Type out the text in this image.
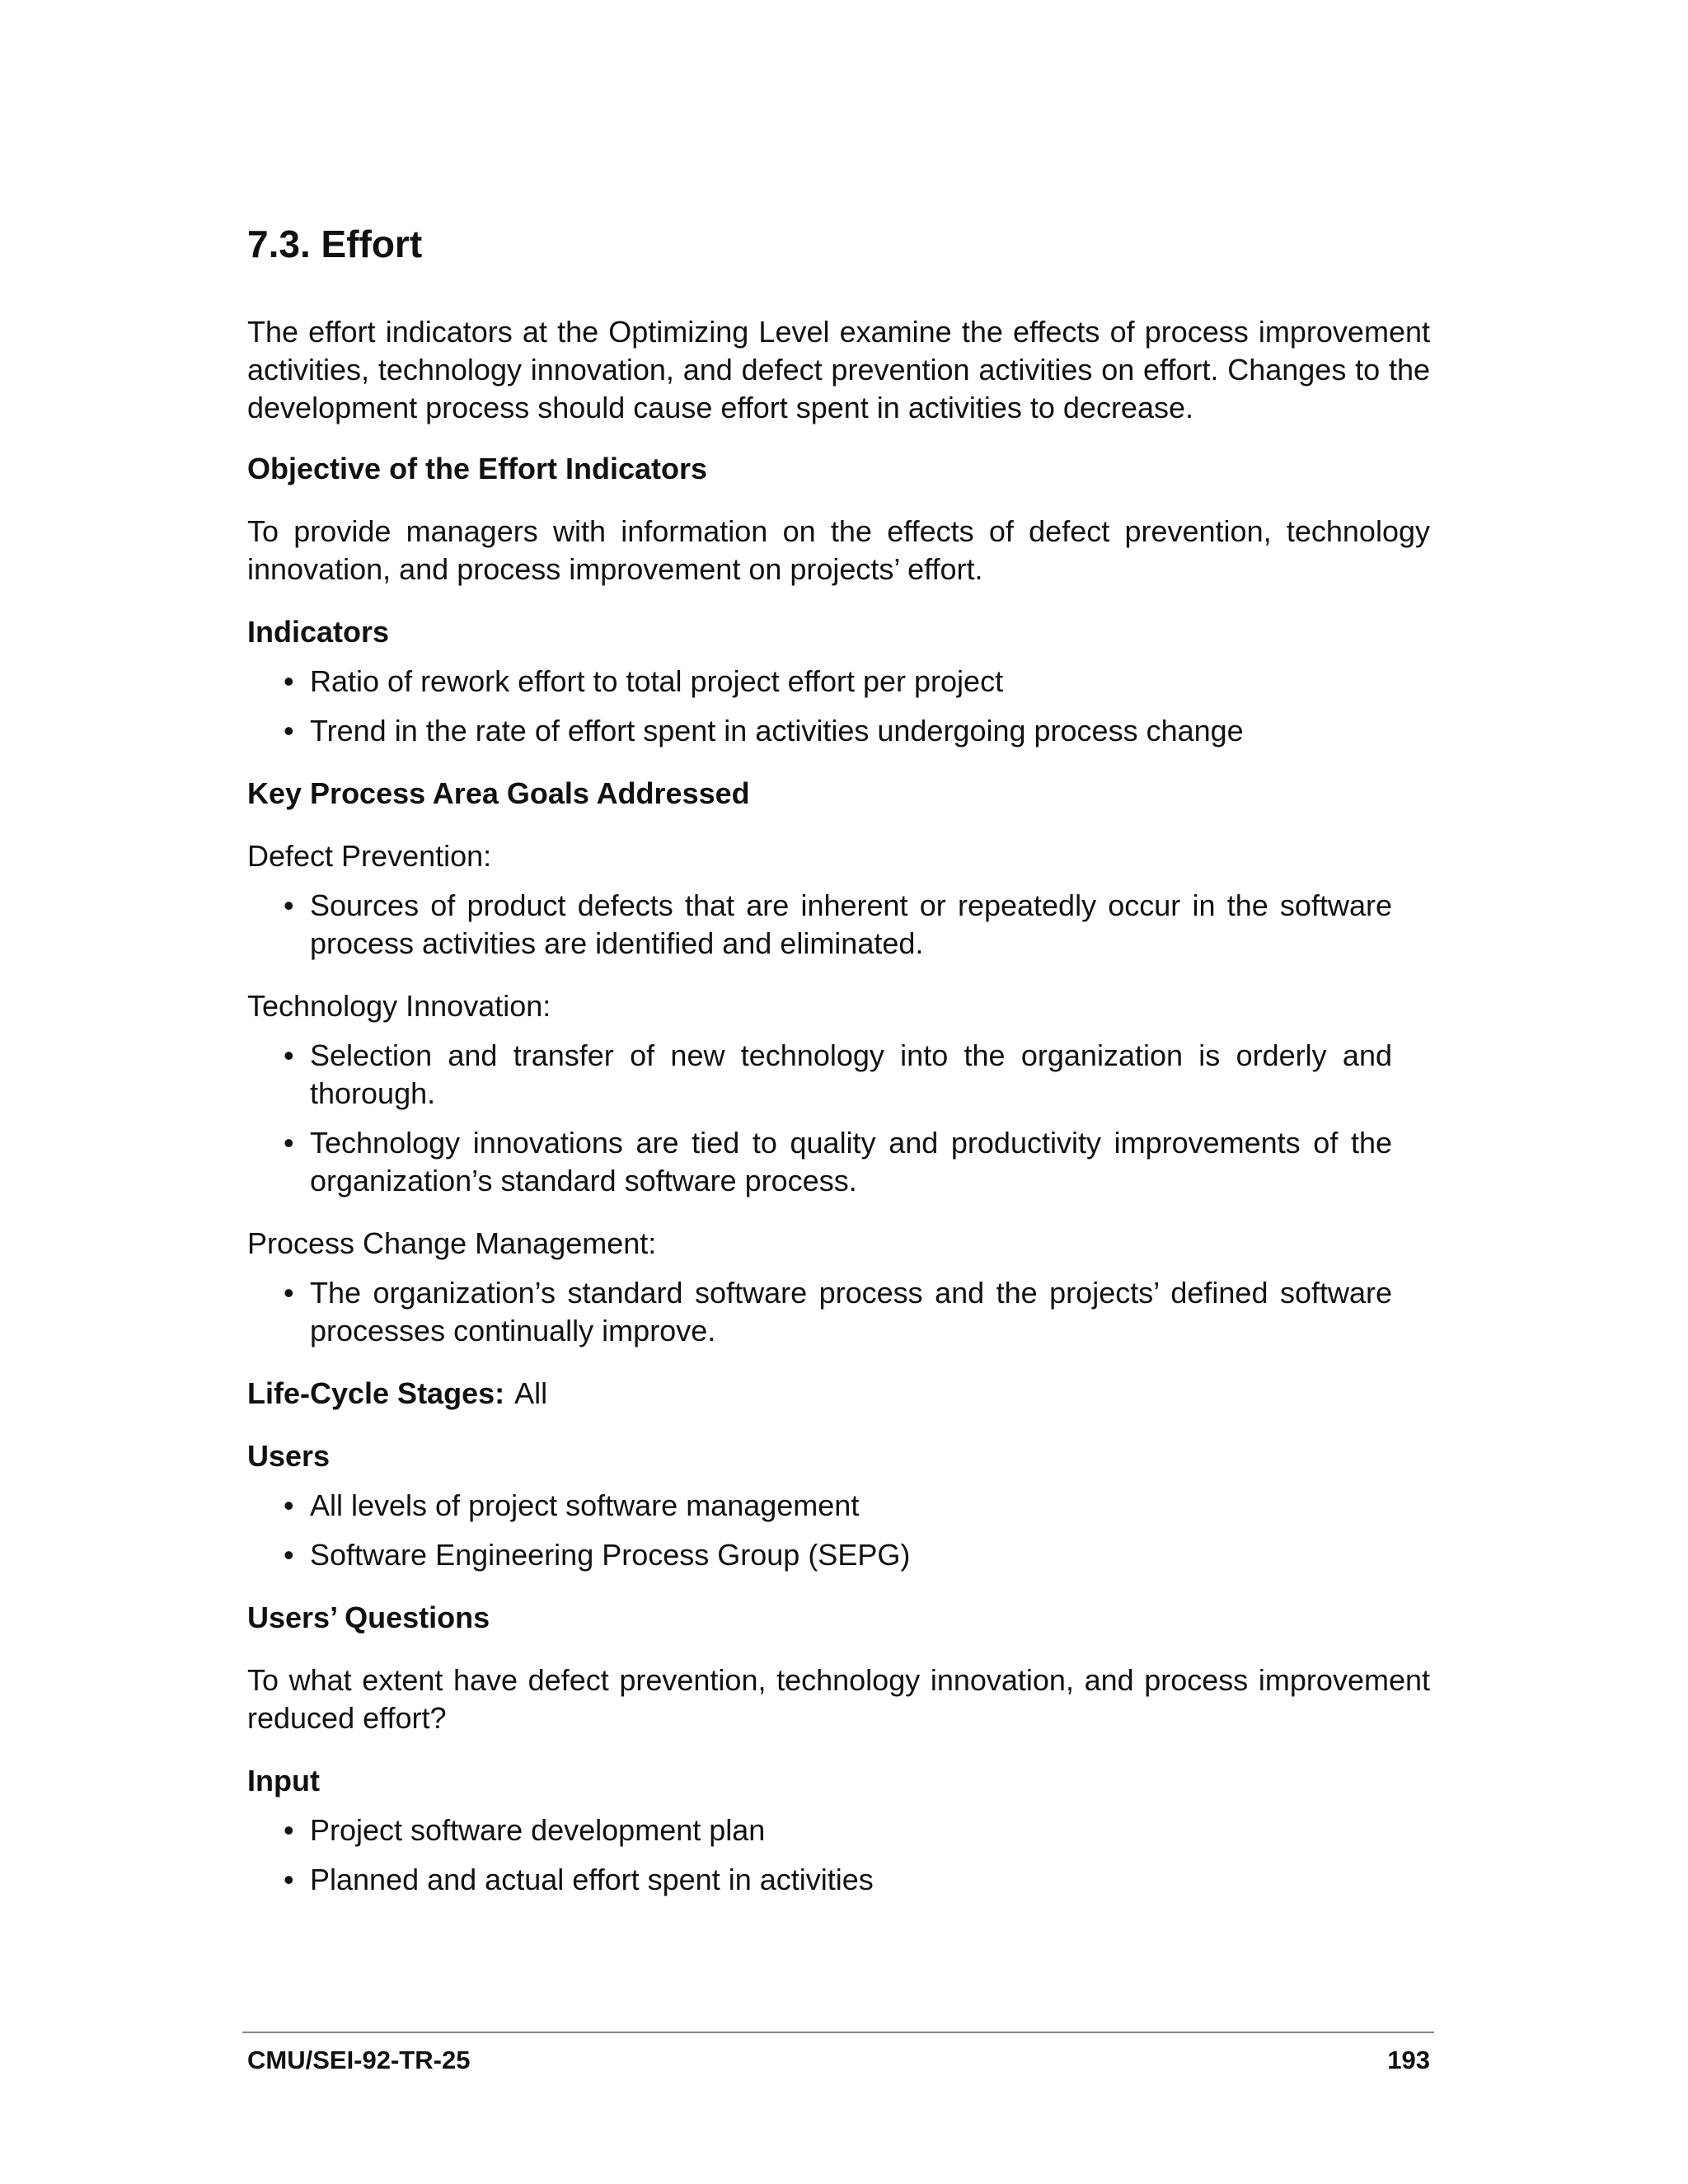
7.3. Effort

The effort indicators at the Optimizing Level examine the effects of process improvement activities, technology innovation, and defect prevention activities on effort. Changes to the development process should cause effort spent in activities to decrease.

Objective of the Effort Indicators

To provide managers with information on the effects of defect prevention, technology innovation, and process improvement on projects’ effort.

Indicators
• Ratio of rework effort to total project effort per project
• Trend in the rate of effort spent in activities undergoing process change
Key Process Area Goals Addressed

Defect Prevention:

• Sources of product defects that are inherent or repeatedly occur in the software process activities are identified and eliminated.

Technology Innovation:

• Selection and transfer of new technology into the organization is orderly and thorough.
• Technology innovations are tied to quality and productivity improvements of the organization’s standard software process.

Process Change Management:

• The organization’s standard software process and the projects’ defined software processes continually improve.
Life-Cycle Stages: All
Users
• All levels of project software management
• Software Engineering Process Group (SEPG)
Users’ Questions

To what extent have defect prevention, technology innovation, and process improvement reduced effort?

Input
• Project software development plan
• Planned and actual effort spent in activities
CMU/SEI-92-TR-25	193
